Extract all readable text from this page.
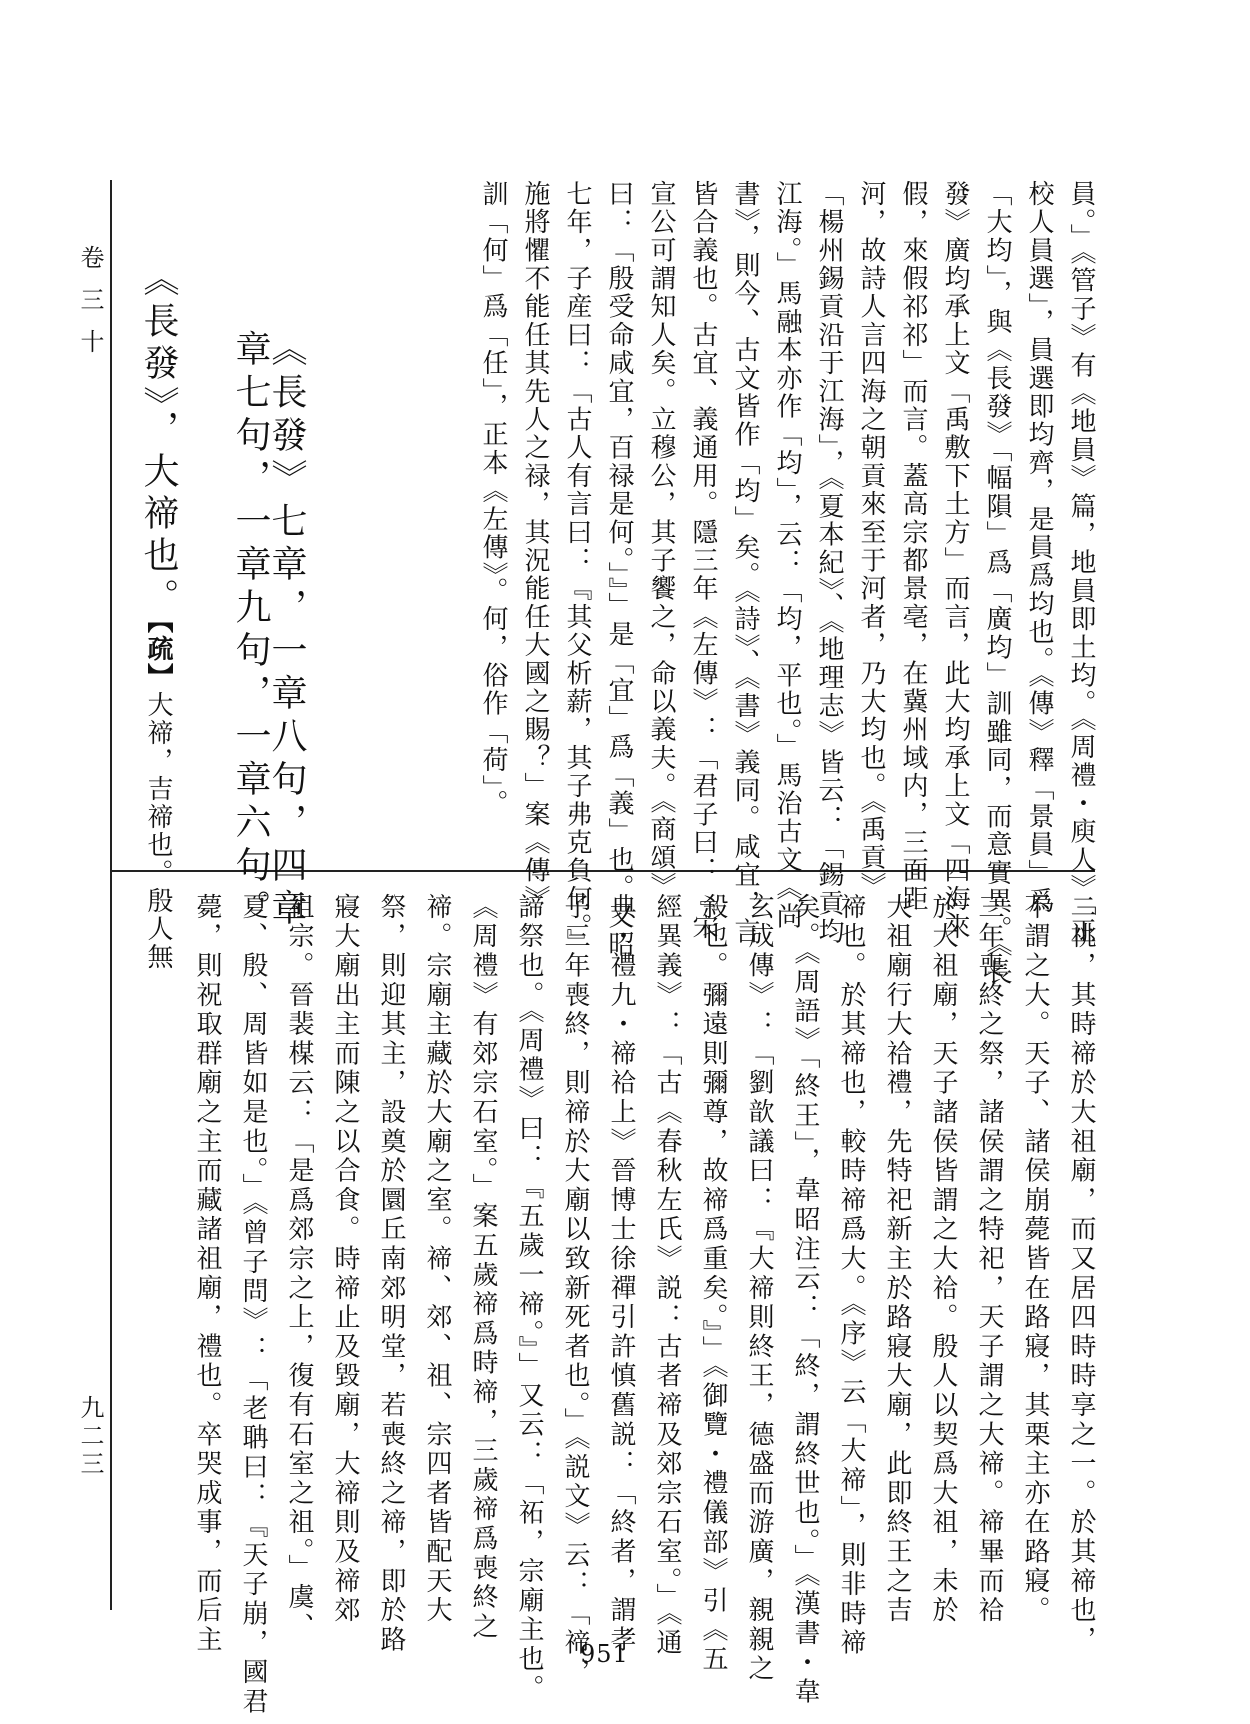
卷三十
九二三
員。」《管子》有《地員》篇，地員即土均。《周禮・庾人》「正
校人員選」，員選即均齊，是員爲均也。《傳》釋「景員」爲
「大均」，與《長發》「幅隕」爲「廣均」訓雖同，而意實異。《長
發》廣均承上文「禹敷下土方」而言，此大均承上文「四海來
假，來假祁祁」而言。蓋高宗都景亳，在冀州域内，三面距
河，故詩人言四海之朝貢來至于河者，乃大均也。《禹貢》
「楊州錫貢沿于江海」，《夏本紀》、《地理志》皆云：「錫貢均
江海。」馬融本亦作「均」，云：「均，平也。」馬治古文《尚
書》，則今、古文皆作「均」矣。《詩》、《書》義同。咸宜，言
皆合義也。古宜、義通用。隱三年《左傳》：「君子曰：『宋
宣公可謂知人矣。立穆公，其子饗之，命以義夫。《商頌》
曰：「殷受命咸宜，百禄是何。」』」是「宜」爲「義」也。又昭
七年，子産曰：「古人有言曰：『其父析薪，其子弗克負何。』
施將懼不能任其先人之禄，其況能任大國之賜？」案《傳》
訓「何」爲「任」，正本《左傳》。何，俗作「荷」。
《長發》七章，一章八句，四章章七句，一章九句，一章六句。
《長發》，大禘也。【疏】大禘，吉禘也。殷人無
二祧，其時禘於大祖廟，而又居四時時享之一。於其禘也，
不謂之大。天子、諸侯崩薨皆在路寢，其栗主亦在路寢。
三年喪終之祭，諸侯謂之特祀，天子謂之大禘。禘畢而祫
於大祖廟，天子諸侯皆謂之大祫。殷人以契爲大祖，未於
大祖廟行大祫禮，先特祀新主於路寢大廟，此即終王之吉
禘也。於其禘也，較時禘爲大。《序》云「大禘」，則非時禘
矣。《周語》「終王」，韋昭注云：「終，謂終世也。」《漢書・韋
玄成傳》：「劉歆議曰：『大禘則終王，德盛而游廣，親親之
殺也。彌遠則彌尊，故禘爲重矣。』」《御覽・禮儀部》引《五
經異義》：「古《春秋左氏》説：古者禘及郊宗石室。」《通
典・禮九・禘祫上》晉博士徐禪引許慎舊説：「終者，謂孝
子三年喪終，則禘於大廟以致新死者也。」《説文》云：「禘，
諦祭也。《周禮》曰：『五歲一禘。』」又云：「祏，宗廟主也。
《周禮》有郊宗石室。」案五歲禘爲時禘，三歲禘爲喪終之
禘。宗廟主藏於大廟之室。禘、郊、祖、宗四者皆配天大
祭，則迎其主，設奠於圜丘南郊明堂，若喪終之禘，即於路
寢大廟出主而陳之以合食。時禘止及毀廟，大禘則及禘郊
祖宗。晉裴楳云：「是爲郊宗之上，復有石室之祖。」虞、
夏、殷、周皆如是也。」《曾子問》：「老聃曰：『天子崩，國君
薨，則祝取群廟之主而藏諸祖廟，禮也。卒哭成事，而后主	951
